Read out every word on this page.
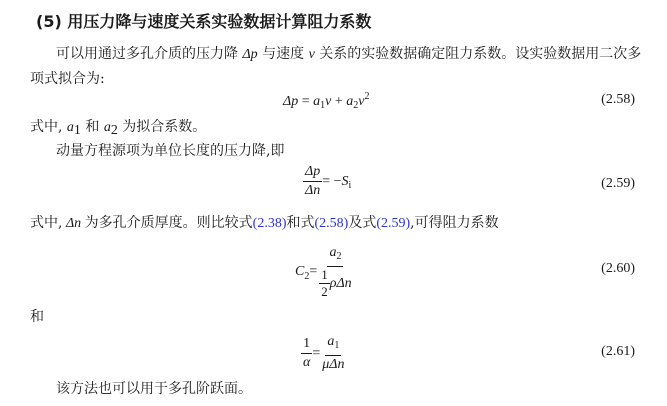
(5) 用压力降与速度关系实验数据计算阻力系数
可以用通过多孔介质的压力降 Δp 与速度 v 关系的实验数据确定阻力系数。设实验数据用二次多
项式拟合为:
$\Delta p = a_1v + a_2v^2$	(2.58)
式中, $a_1$ 和 $a_2$ 为拟合系数。
动量方程源项为单位长度的压力降,即
$\frac{\Delta p}{\Delta n} = -Si$	(2.59)
式中, Δn 为多孔介质厚度。则比较式(2.38)和式(2.58)及式(2.59),可得阻力系数
$C2= \frac{a_2}{\frac{1}{2} \rho\Delta n}$	(2.60)
和
$\frac{1}{\alpha} = \frac{a_1}{\text{μΔn}}$	(2.61)
该方法也可以用于多孔阶跃面。
